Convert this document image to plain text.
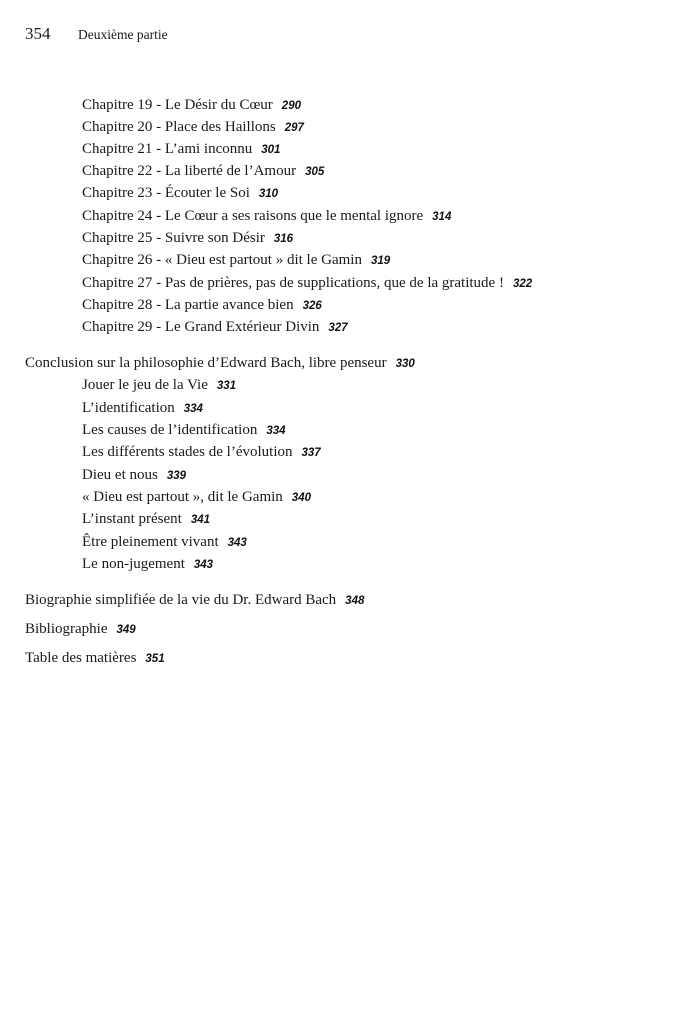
354 Deuxième partie
Chapitre 19 - Le Désir du Cœur 290
Chapitre 20 - Place des Haillons 297
Chapitre 21 - L’ami inconnu 301
Chapitre 22 - La liberté de l’Amour 305
Chapitre 23 - Écouter le Soi 310
Chapitre 24 - Le Cœur a ses raisons que le mental ignore 314
Chapitre 25 - Suivre son Désir 316
Chapitre 26 - « Dieu est partout » dit le Gamin 319
Chapitre 27 - Pas de prières, pas de supplications, que de la gratitude ! 322
Chapitre 28 - La partie avance bien 326
Chapitre 29 - Le Grand Extérieur Divin 327
Conclusion sur la philosophie d’Edward Bach, libre penseur 330
Jouer le jeu de la Vie 331
L’identification 334
Les causes de l’identification 334
Les différents stades de l’évolution 337
Dieu et nous 339
« Dieu est partout », dit le Gamin 340
L’instant présent 341
Être pleinement vivant 343
Le non-jugement 343
Biographie simplifiée de la vie du Dr. Edward Bach 348
Bibliographie 349
Table des matières 351
